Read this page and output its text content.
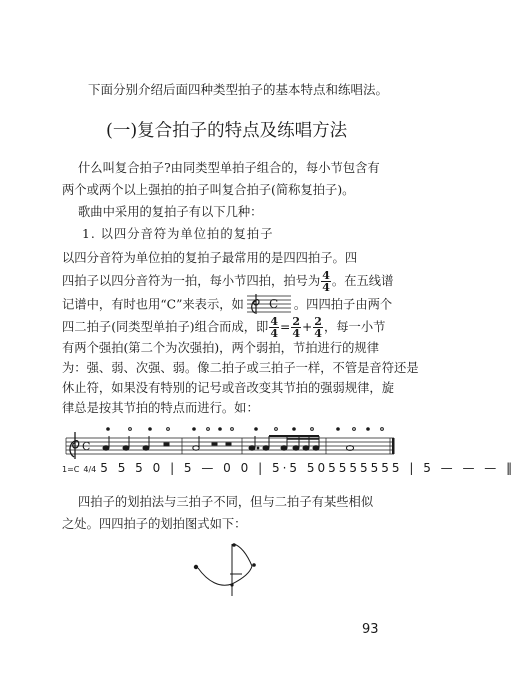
下面分别介绍后面四种类型拍子的基本特点和练唱法。
(一)复合拍子的特点及练唱方法
什么叫复合拍子?由同类型单拍子组合的，每小节包含有
两个或两个以上强拍的拍子叫复合拍子(简称复拍子)。
歌曲中采用的复拍子有以下几种：
1. 以四分音符为单位拍的复拍子
以四分音符为单位拍的复拍子最常用的是四四拍子。四
四拍子以四分音符为一拍，每小节四拍，拍号为 $\frac{4}{4}$ 。在五线谱
记谱中，有时也用“C”来表示，如 C 。四四拍子由两个
四二拍子(同类型单拍子)组合而成，即 $\frac{4}{4} = \frac{2}{4} + \frac{2}{4}$ ，每一小节
有两个强拍(第二个为次强拍)，两个弱拍，节拍进行的规律
为：强、弱、次强、弱。像二拍子或三拍子一样，不管是音符还是
休止符，如果没有特别的记号或音改变其节拍的强弱规律，旋
律总是按其节拍的特点而进行。如：
C
1=C 4/4 5 5 5 0 | 5 — 0 0 | 5·5 505555555 | 5 — — — ‖
四拍子的划拍法与三拍子不同，但与二拍子有某些相似
之处。四四拍子的划拍图式如下：
93
